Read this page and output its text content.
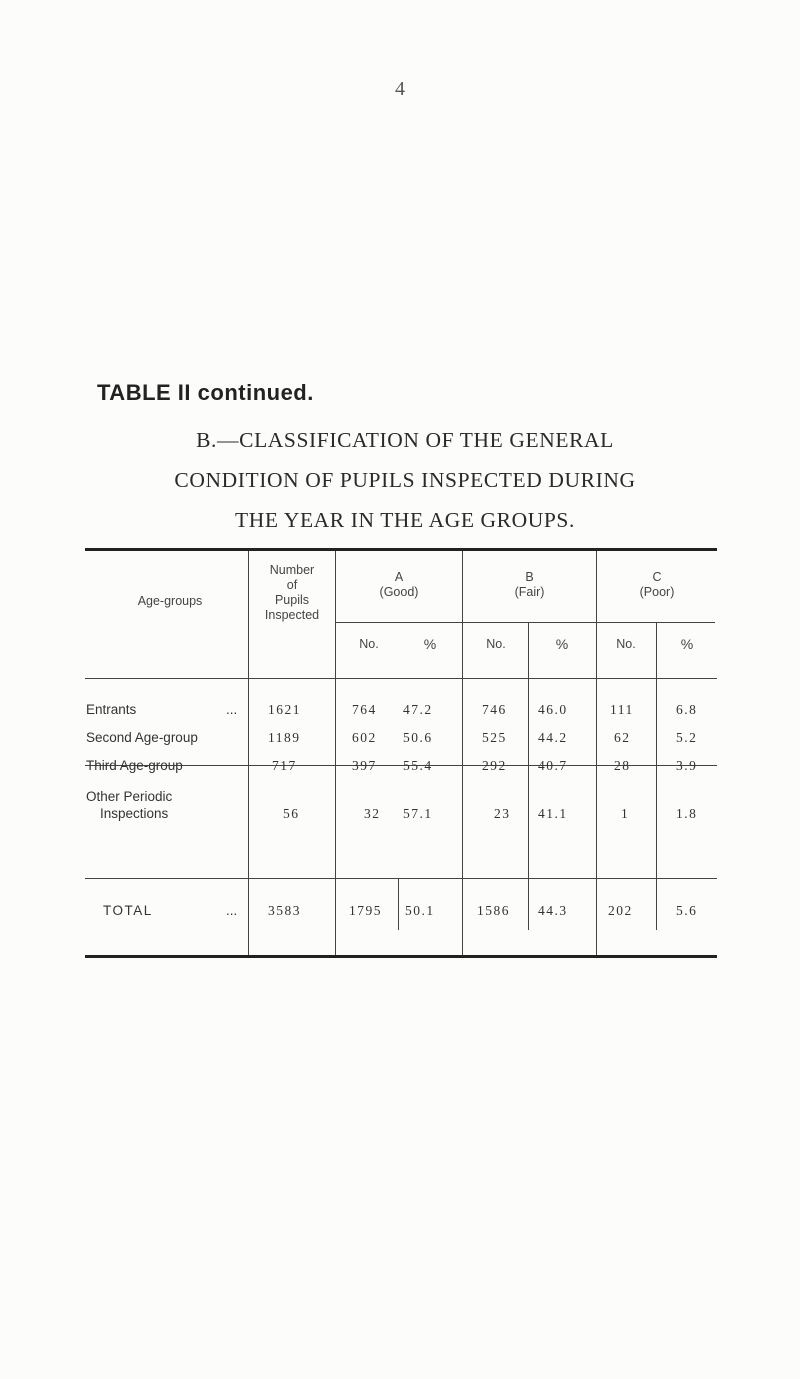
4
TABLE II continued.
B.—CLASSIFICATION OF THE GENERAL
CONDITION OF PUPILS INSPECTED DURING
THE YEAR IN THE AGE GROUPS.
Age-groups
Number
of
Pupils
Inspected
A
(Good)
B
(Fair)
C
(Poor)
No.	%	No.	%	No.	%
Entrants	... 1621	764 47.2	746 46.0	111	6.8
Second Age-group	1189	602 50.6	525 44.2	62	5.2
Third Age-group	717	397 55.4	292 40.7	28	3.9
Other Periodic
Inspections	56	32 57.1	23 41.1	1	1.8
TOTAL	... 3583	1795 50.1	1586 44.3	202	5.6
